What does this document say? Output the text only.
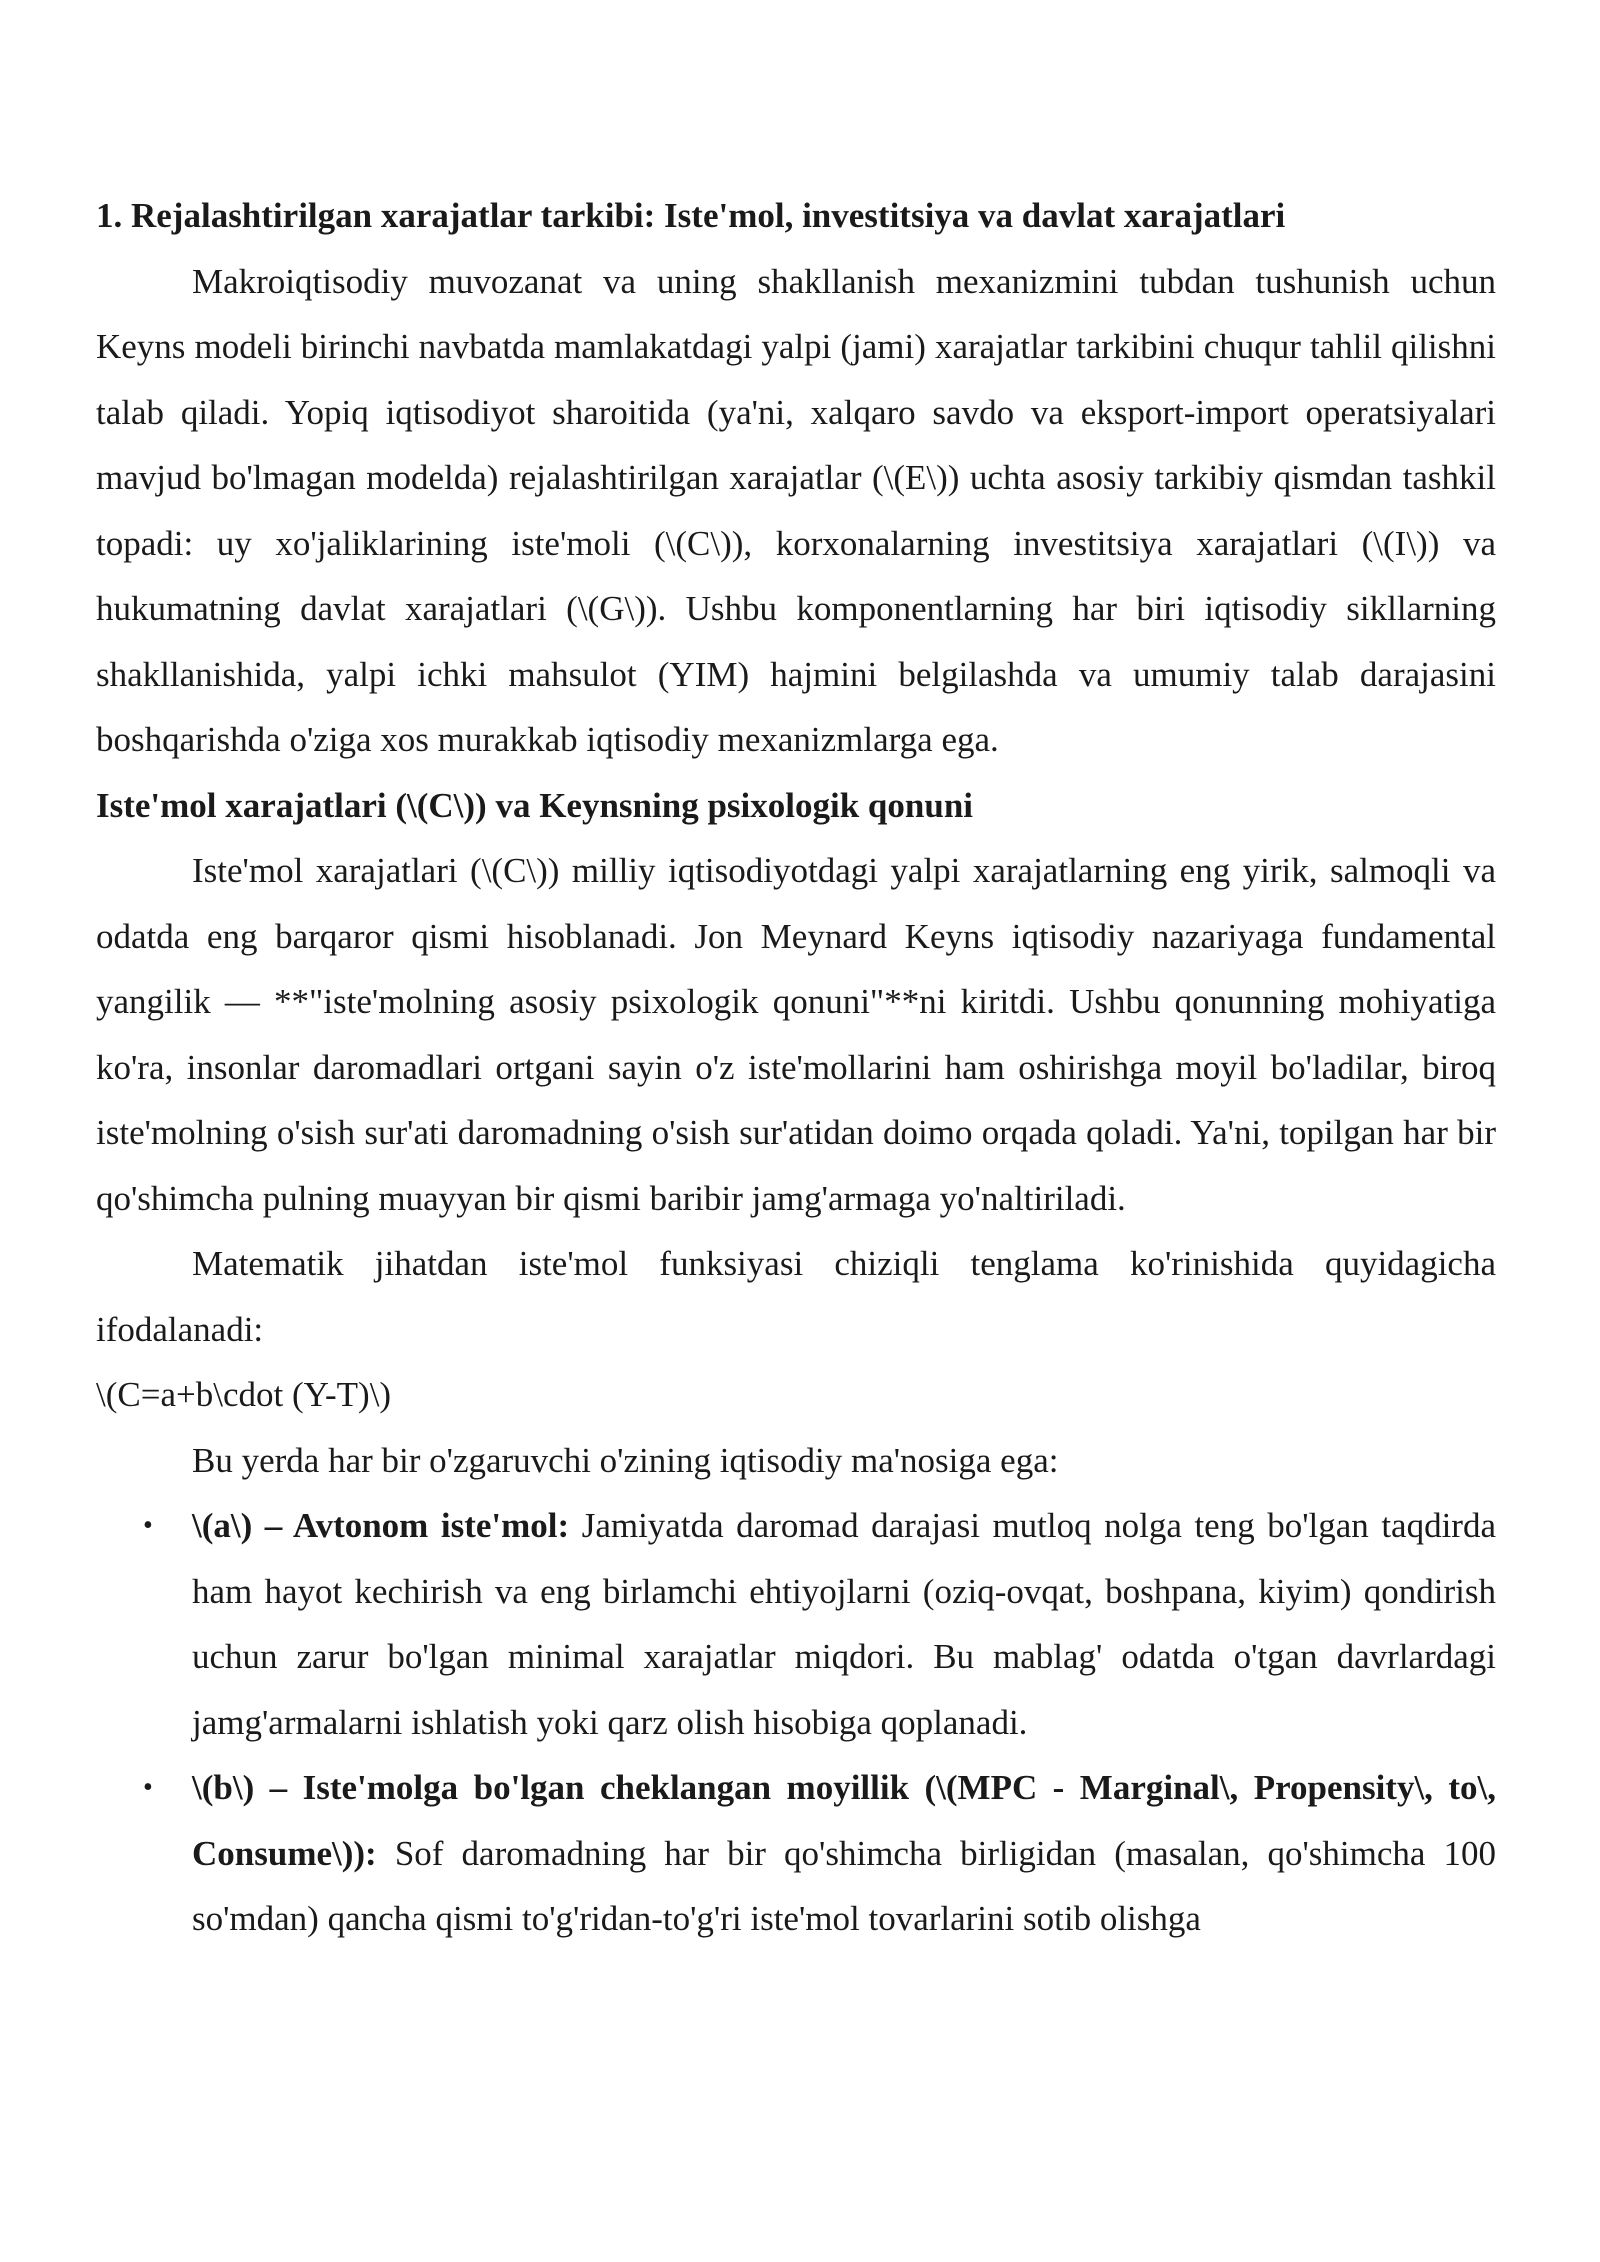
1. Rejalashtirilgan xarajatlar tarkibi: Iste'mol, investitsiya va davlat xarajatlari

Makroiqtisodiy muvozanat va uning shakllanish mexanizmini tubdan tushunish uchun Keyns modeli birinchi navbatda mamlakatdagi yalpi (jami) xarajatlar tarkibini chuqur tahlil qilishni talab qiladi. Yopiq iqtisodiyot sharoitida (ya'ni, xalqaro savdo va eksport-import operatsiyalari mavjud bo'lmagan modelda) rejalashtirilgan xarajatlar (\(E\)) uchta asosiy tarkibiy qismdan tashkil topadi: uy xo'jaliklarining iste'moli (\(C\)), korxonalarning investitsiya xarajatlari (\(I\)) va hukumatning davlat xarajatlari (\(G\)). Ushbu komponentlarning har biri iqtisodiy sikllarning shakllanishida, yalpi ichki mahsulot (YIM) hajmini belgilashda va umumiy talab darajasini boshqarishda o'ziga xos murakkab iqtisodiy mexanizmlarga ega.

Iste'mol xarajatlari (\(C\)) va Keynsning psixologik qonuni

Iste'mol xarajatlari (\(C\)) milliy iqtisodiyotdagi yalpi xarajatlarning eng yirik, salmoqli va odatda eng barqaror qismi hisoblanadi. Jon Meynard Keyns iqtisodiy nazariyaga fundamental yangilik — **"iste'molning asosiy psixologik qonuni"**ni kiritdi. Ushbu qonunning mohiyatiga ko'ra, insonlar daromadlari ortgani sayin o'z iste'mollarini ham oshirishga moyil bo'ladilar, biroq iste'molning o'sish sur'ati daromadning o'sish sur'atidan doimo orqada qoladi. Ya'ni, topilgan har bir qo'shimcha pulning muayyan bir qismi baribir jamg'armaga yo'naltiriladi.

Matematik jihatdan iste'mol funksiyasi chiziqli tenglama ko'rinishida quyidagicha ifodalanadi:

\(C=a+b\cdot (Y-T)\)

Bu yerda har bir o'zgaruvchi o'zining iqtisodiy ma'nosiga ega:

• \(a\) – Avtonom iste'mol: Jamiyatda daromad darajasi mutloq nolga teng bo'lgan taqdirda ham hayot kechirish va eng birlamchi ehtiyojlarni (oziq-ovqat, boshpana, kiyim) qondirish uchun zarur bo'lgan minimal xarajatlar miqdori. Bu mablag' odatda o'tgan davrlardagi jamg'armalarni ishlatish yoki qarz olish hisobiga qoplanadi.
• \(b\) – Iste'molga bo'lgan cheklangan moyillik (\(MPC - Marginal\, Propensity\, to\, Consume\)): Sof daromadning har bir qo'shimcha birligidan (masalan, qo'shimcha 100 so'mdan) qancha qismi to'g'ridan-to'g'ri iste'mol tovarlarini sotib olishga
